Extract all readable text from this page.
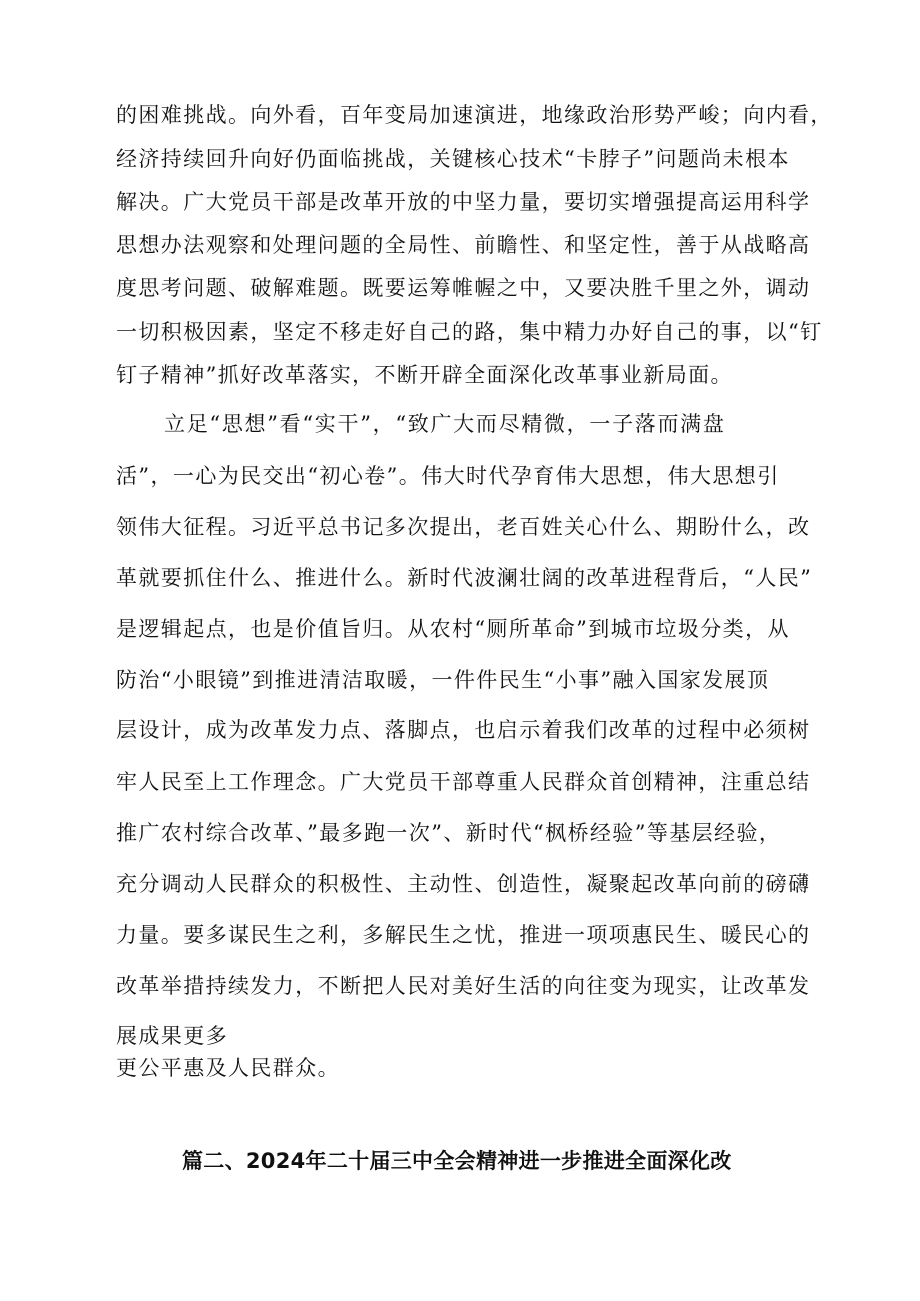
的困难挑战。向外看，百年变局加速演进，地缘政治形势严峻；向内看，
经济持续回升向好仍面临挑战，关键核心技术“卡脖子”问题尚未根本
解决。广大党员干部是改革开放的中坚力量，要切实增强提高运用科学
思想办法观察和处理问题的全局性、前瞻性、和坚定性，善于从战略高
度思考问题、破解难题。既要运筹帷幄之中，又要决胜千里之外，调动
一切积极因素，坚定不移走好自己的路，集中精力办好自己的事，以“钉
钉子精神”抓好改革落实，不断开辟全面深化改革事业新局面。
立足“思想”看“实干”，“致广大而尽精微，一子落而满盘
活”，一心为民交出“初心卷”。伟大时代孕育伟大思想，伟大思想引
领伟大征程。习近平总书记多次提出，老百姓关心什么、期盼什么，改
革就要抓住什么、推进什么。新时代波澜壮阔的改革进程背后，“人民”
是逻辑起点，也是价值旨归。从农村“厕所革命”到城市垃圾分类，从
防治“小眼镜”到推进清洁取暖，一件件民生“小事”融入国家发展顶
层设计，成为改革发力点、落脚点，也启示着我们改革的过程中必须树
牢人民至上工作理念。广大党员干部尊重人民群众首创精神，注重总结
推广农村综合改革、”最多跑一次”、新时代“枫桥经验”等基层经验，
充分调动人民群众的积极性、主动性、创造性，凝聚起改革向前的磅礴
力量。要多谋民生之利，多解民生之忧，推进一项项惠民生、暖民心的
改革举措持续发力，不断把人民对美好生活的向往变为现实，让改革发
展成果更多
更公平惠及人民群众。
篇二、2024年二十届三中全会精神进一步推进全面深化改
